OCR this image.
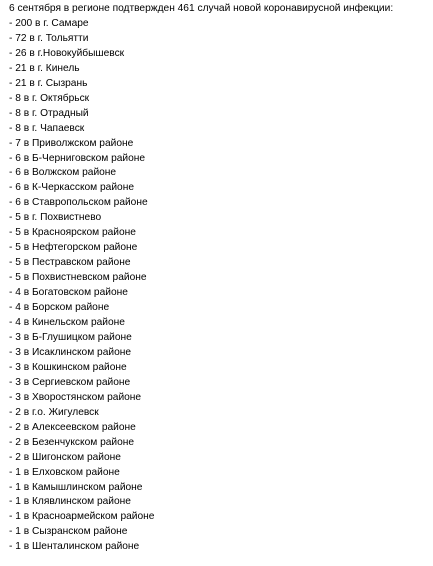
6 сентября в регионе подтвержден 461 случай новой коронавирусной инфекции:

- 200 в г. Самаре
- 72 в г. Тольятти
- 26 в г.Новокуйбышевск
- 21 в г. Кинель
- 21 в г. Сызрань
- 8 в г. Октябрьск
- 8 в г. Отрадный
- 8 в г. Чапаевск
- 7 в Приволжском районе
- 6 в Б-Черниговском районе
- 6 в Волжском районе
- 6 в К-Черкасском районе
- 6 в Ставропольском районе
- 5 в г. Похвистнево
- 5 в Красноярском районе
- 5 в Нефтегорском районе
- 5 в Пестравском районе
- 5 в Похвистневском районе
- 4 в Богатовском районе
- 4 в Борском районе
- 4 в Кинельском районе
- 3 в Б-Глушицком районе
- 3 в Исаклинском районе
- 3 в Кошкинском районе
- 3 в Сергиевском районе
- 3 в Хворостянском районе
- 2 в г.о. Жигулевск
- 2 в Алексеевском районе
- 2 в Безенчукском районе
- 2 в Шигонском районе
- 1 в Елховском районе
- 1 в Камышлинском районе
- 1 в Клявлинском районе
- 1 в Красноармейском районе
- 1 в Сызранском районе
- 1 в Шенталинском районе
